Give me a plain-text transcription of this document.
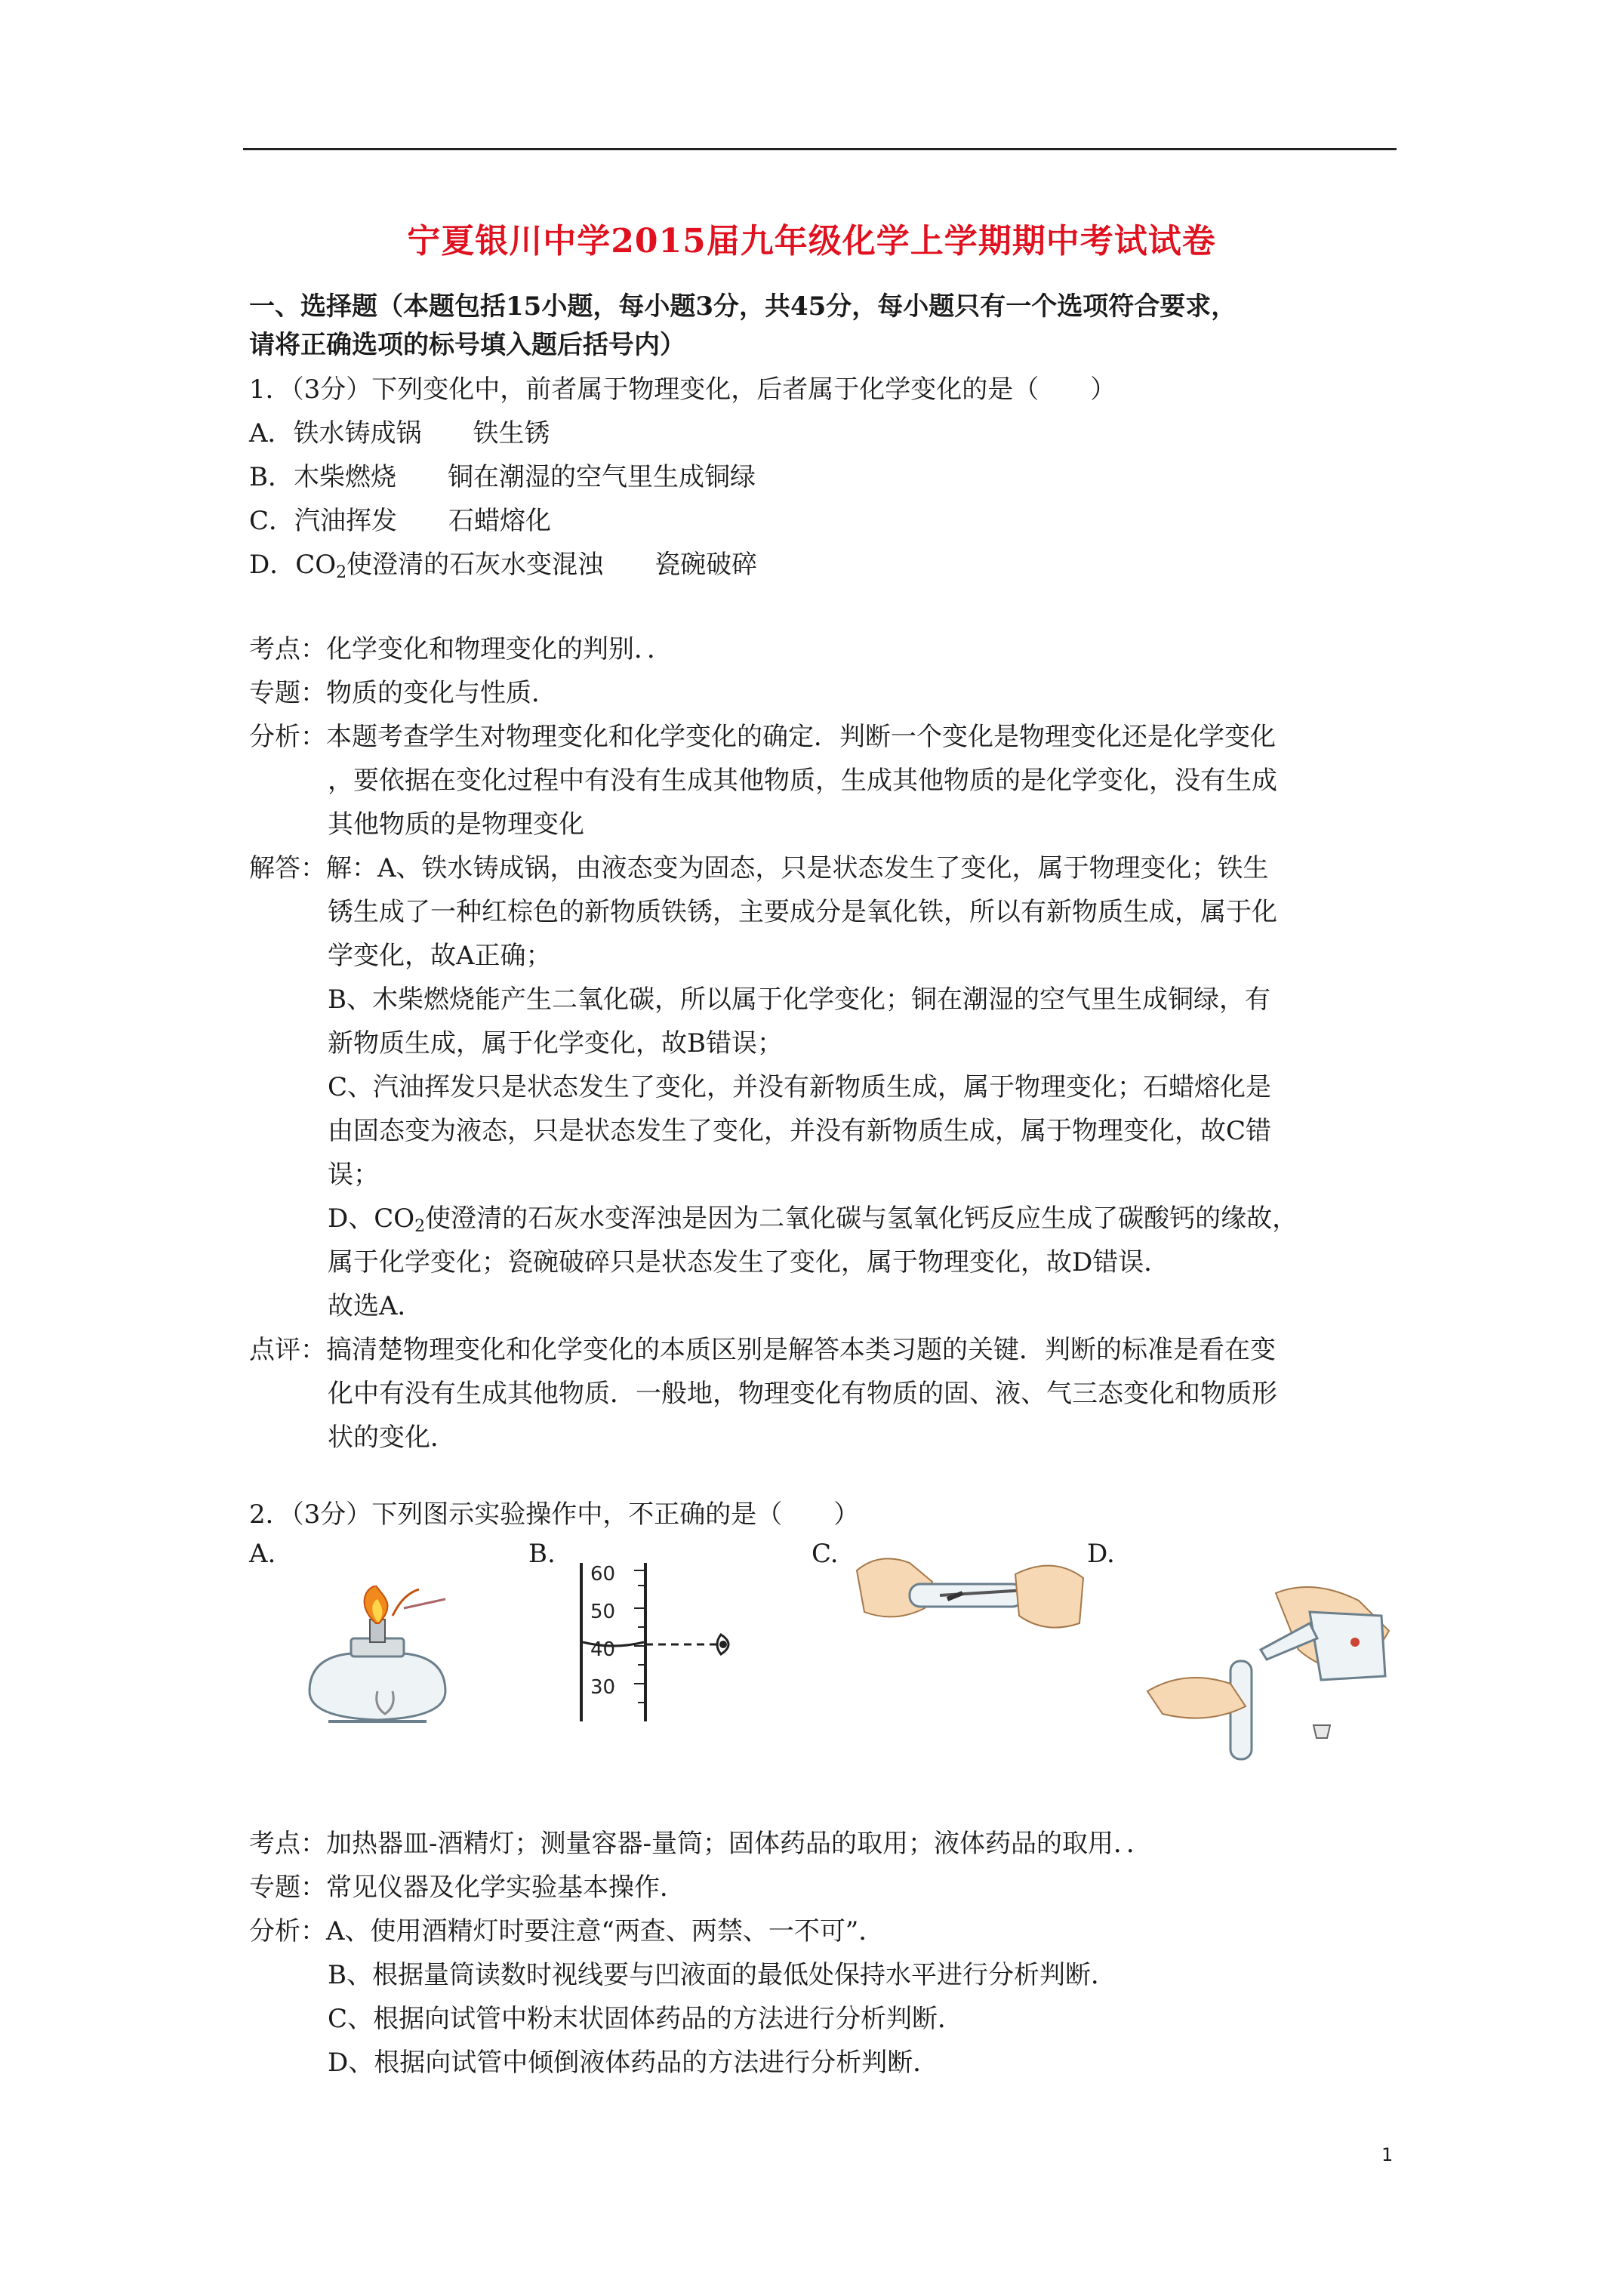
宁夏银川中学2015届九年级化学上学期期中考试试卷
一、选择题（本题包括15小题，每小题3分，共45分，每小题只有一个选项符合要求，
请将正确选项的标号填入题后括号内）
1．（3分）下列变化中，前者属于物理变化，后者属于化学变化的是（　　）
A．铁水铸成锅　　铁生锈
B．木柴燃烧　　铜在潮湿的空气里生成铜绿
C．汽油挥发　　石蜡熔化
D．$CO_2$使澄清的石灰水变混浊　　瓷碗破碎
考点：化学变化和物理变化的判别．．
专题：物质的变化与性质．
分析：本题考查学生对物理变化和化学变化的确定．判断一个变化是物理变化还是化学变化
，要依据在变化过程中有没有生成其他物质，生成其他物质的是化学变化，没有生成
其他物质的是物理变化
解答：解：A、铁水铸成锅，由液态变为固态，只是状态发生了变化，属于物理变化；铁生
锈生成了一种红棕色的新物质铁锈，主要成分是氧化铁，所以有新物质生成，属于化
学变化，故A正确；
B、木柴燃烧能产生二氧化碳，所以属于化学变化；铜在潮湿的空气里生成铜绿，有
新物质生成，属于化学变化，故B错误；
C、汽油挥发只是状态发生了变化，并没有新物质生成，属于物理变化；石蜡熔化是
由固态变为液态，只是状态发生了变化，并没有新物质生成，属于物理变化，故C错
误；
D、$CO_2$使澄清的石灰水变浑浊是因为二氧化碳与氢氧化钙反应生成了碳酸钙的缘故，
属于化学变化；瓷碗破碎只是状态发生了变化，属于物理变化，故D错误．
故选A．
点评：搞清楚物理变化和化学变化的本质区别是解答本类习题的关键．判断的标准是看在变
化中有没有生成其他物质．一般地，物理变化有物质的固、液、气三态变化和物质形
状的变化．
2．（3分）下列图示实验操作中，不正确的是（　　）
A.	B.	C.	D.
60
50
40
30
考点：加热器皿-酒精灯；测量容器-量筒；固体药品的取用；液体药品的取用．．
专题：常见仪器及化学实验基本操作．
分析：A、使用酒精灯时要注意“两查、两禁、一不可”．
B、根据量筒读数时视线要与凹液面的最低处保持水平进行分析判断．
C、根据向试管中粉末状固体药品的方法进行分析判断．
D、根据向试管中倾倒液体药品的方法进行分析判断．
1
